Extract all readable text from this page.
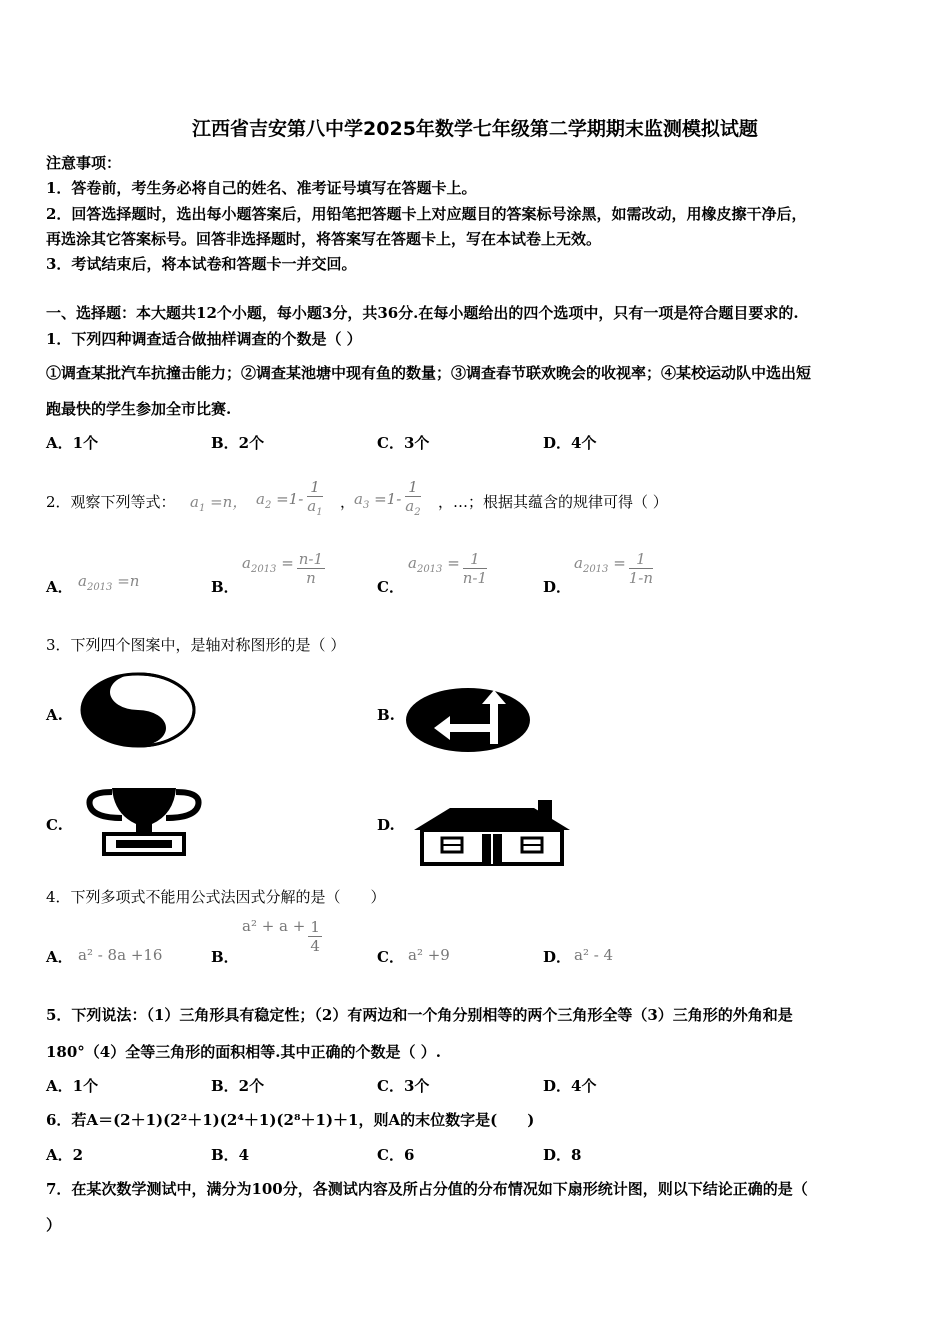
江西省吉安第八中学2025年数学七年级第二学期期末监测模拟试题
注意事项：
1．答卷前，考生务必将自己的姓名、准考证号填写在答题卡上。
2．回答选择题时，选出每小题答案后，用铅笔把答题卡上对应题目的答案标号涂黑，如需改动，用橡皮擦干净后，
再选涂其它答案标号。回答非选择题时，将答案写在答题卡上，写在本试卷上无效。
3．考试结束后，将本试卷和答题卡一并交回。
一、选择题：本大题共12个小题，每小题3分，共36分.在每小题给出的四个选项中，只有一项是符合题目要求的.
1．下列四种调查适合做抽样调查的个数是（ ）
①调查某批汽车抗撞击能力；②调查某池塘中现有鱼的数量；③调查春节联欢晚会的收视率；④某校运动队中选出短
跑最快的学生参加全市比赛.
A．1个	B．2个	C．3个	D．4个
2．观察下列等式： $a_1 =n$， $a_2 =1- \frac{1}{a_1}$ ，
$a_3 =1- \frac{1}{a_2}$ ，…；根据其蕴含的规律可得（ ）
A． $a_{2013} =n$	B．
$a_{2013} = \frac{n-1}{n}$	C．
$a_{2013} = \frac{1}{n-1}$	D．
$a_{2013} = \frac{1}{1-n}$
3．下列四个图案中，是轴对称图形的是（ ）
A.	B.
C.	D.
4．下列多项式不能用公式法因式分解的是（　　）
A． a² - 8a +16	B．
$a^2 + a + \frac{1}{4}$
C． a² +9	D． a² - 4
5．下列说法：（1）三角形具有稳定性；（2）有两边和一个角分别相等的两个三角形全等（3）三角形的外角和是
180°（4）全等三角形的面积相等.其中正确的个数是（ ）.
A．1个	B．2个	C．3个	D．4个
6．若A＝(2＋1)(2²＋1)(2⁴＋1)(2⁸＋1)＋1，则A的末位数字是(　　)
A．2	B．4	C．6	D．8
7．在某次数学测试中，满分为100分，各测试内容及所占分值的分布情况如下扇形统计图，则以下结论正确的是（
）
